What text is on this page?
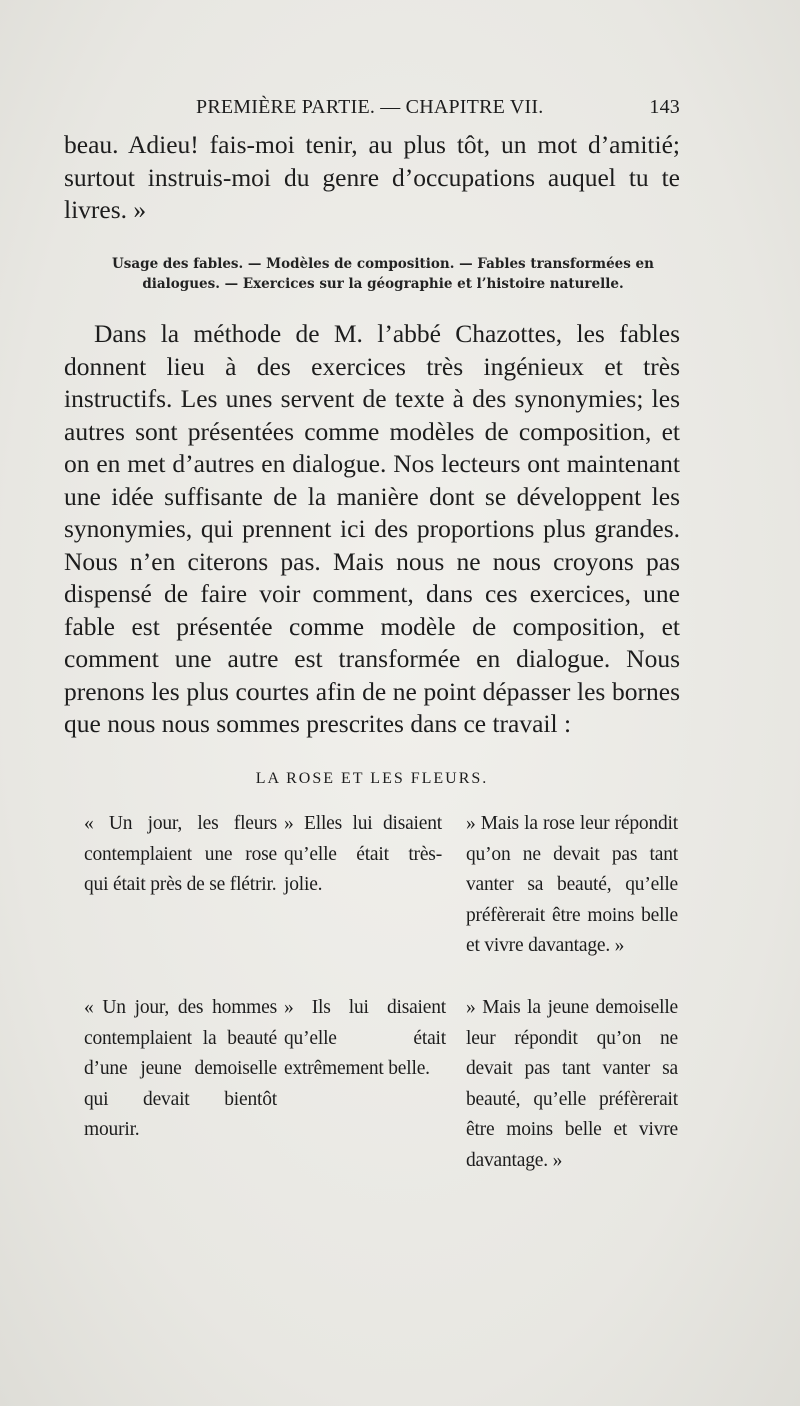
PREMIÈRE PARTIE. — CHAPITRE VII.	143

beau. Adieu! fais-moi tenir, au plus tôt, un mot d’amitié; surtout instruis-moi du genre d’occupations auquel tu te livres. »

Usage des fables. — Modèles de composition. — Fables transformées en dialogues. — Exercices sur la géographie et l’histoire naturelle.

Dans la méthode de M. l’abbé Chazottes, les fables donnent lieu à des exercices très ingénieux et très instructifs. Les unes servent de texte à des synonymies; les autres sont présentées comme modèles de composition, et on en met d’autres en dialogue. Nos lecteurs ont maintenant une idée suffisante de la manière dont se développent les synonymies, qui prennent ici des proportions plus grandes. Nous n’en citerons pas. Mais nous ne nous croyons pas dispensé de faire voir comment, dans ces exercices, une fable est présentée comme modèle de composition, et comment une autre est transformée en dialogue. Nous prenons les plus courtes afin de ne point dépasser les bornes que nous nous sommes prescrites dans ce travail :

LA ROSE ET LES FLEURS.

« Un jour, les fleurs contemplaient une rose qui était près de se flétrir.

» Elles lui disaient qu’elle était très-jolie.

» Mais la rose leur répondit qu’on ne devait pas tant vanter sa beauté, qu’elle préfèrerait être moins belle et vivre davantage. »

« Un jour, des hommes contemplaient la beauté d’une jeune demoiselle qui devait bientôt mourir.

» Ils lui disaient qu’elle était extrêmement belle.

» Mais la jeune demoiselle leur répondit qu’on ne devait pas tant vanter sa beauté, qu’elle préfèrerait être moins belle et vivre davantage. »
